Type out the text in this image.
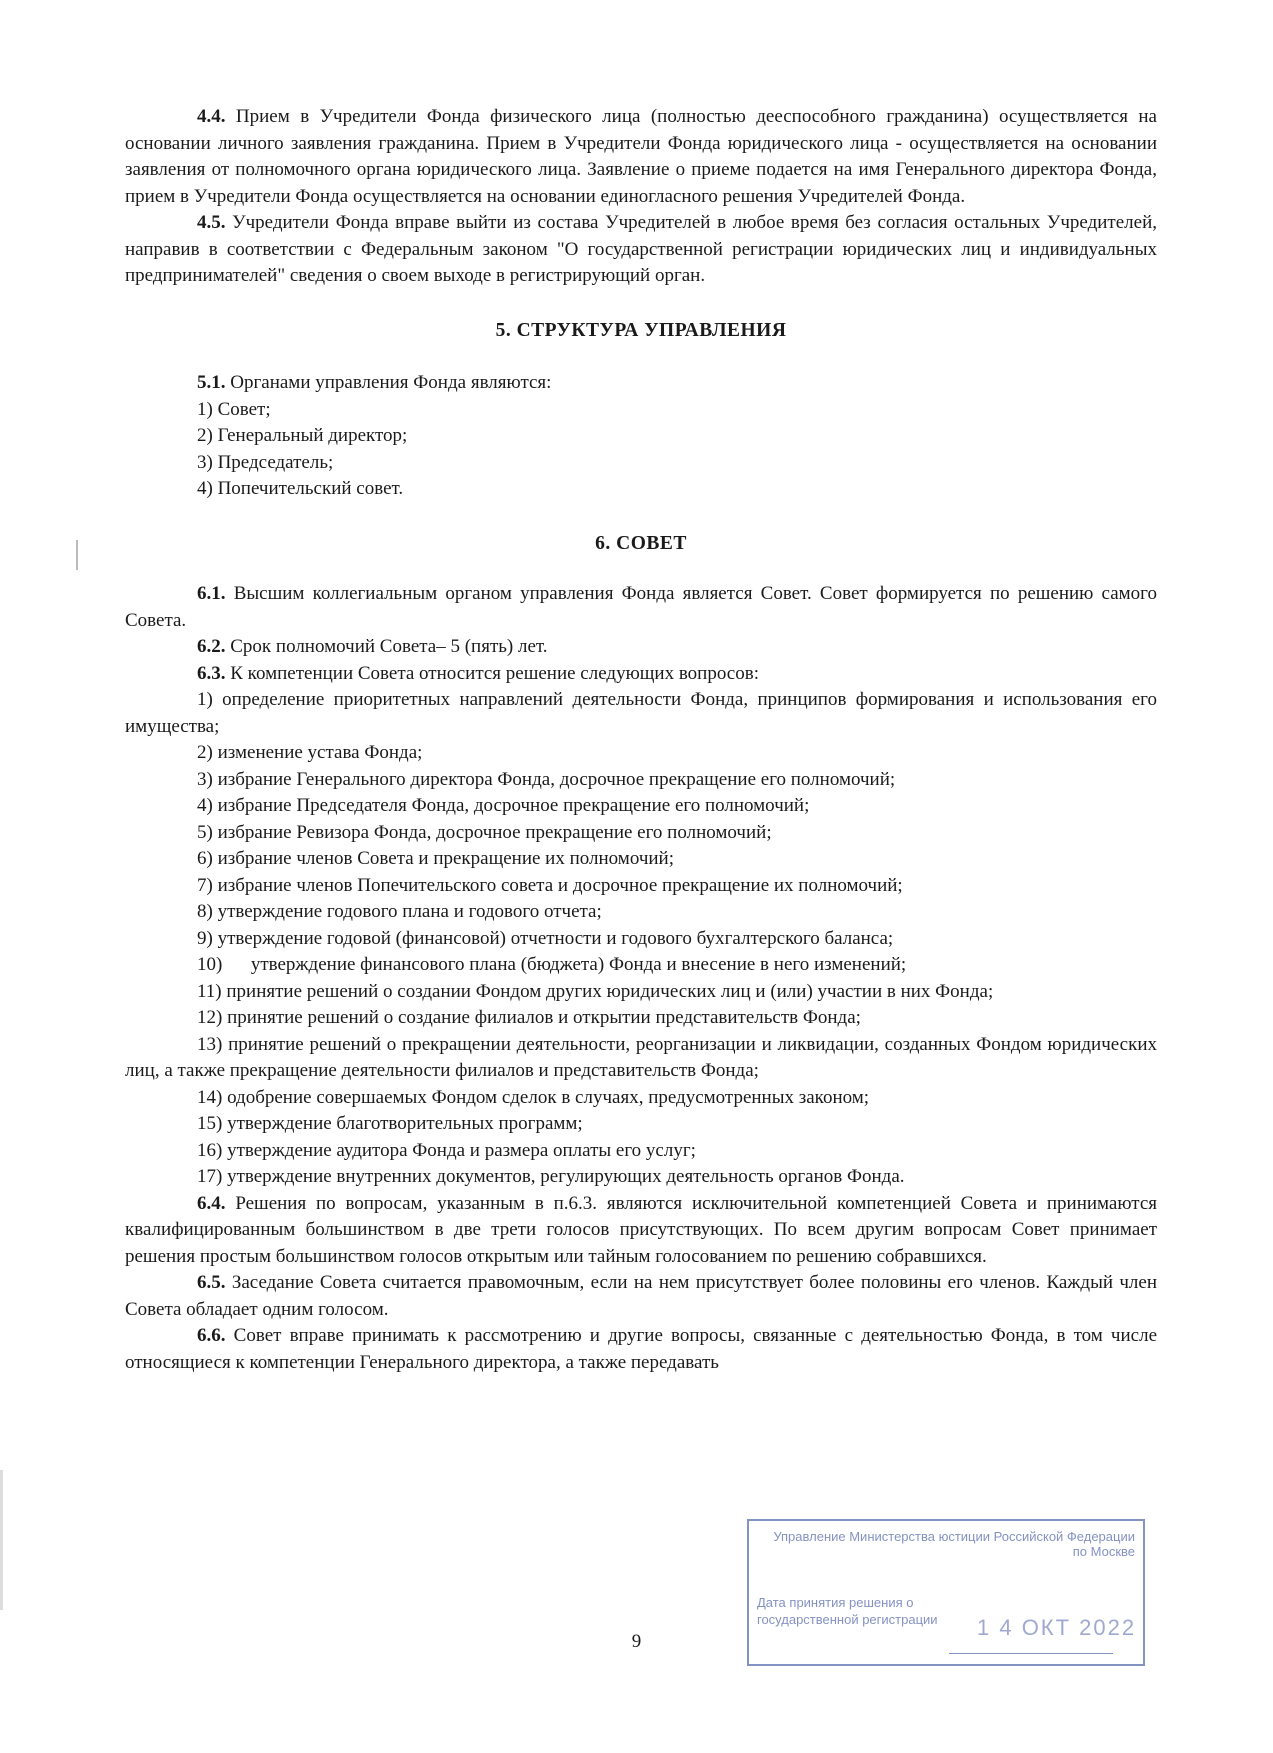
4.4. Прием в Учредители Фонда физического лица (полностью дееспособного гражданина) осуществляется на основании личного заявления гражданина. Прием в Учредители Фонда юридического лица - осуществляется на основании заявления от полномочного органа юридического лица. Заявление о приеме подается на имя Генерального директора Фонда, прием в Учредители Фонда осуществляется на основании единогласного решения Учредителей Фонда.

4.5. Учредители Фонда вправе выйти из состава Учредителей в любое время без согласия остальных Учредителей, направив в соответствии с Федеральным законом "О государственной регистрации юридических лиц и индивидуальных предпринимателей" сведения о своем выходе в регистрирующий орган.

5. СТРУКТУРА УПРАВЛЕНИЯ

5.1. Органами управления Фонда являются:

1) Совет;

2) Генеральный директор;

3) Председатель;

4) Попечительский совет.

6. СОВЕТ

6.1. Высшим коллегиальным органом управления Фонда является Совет. Совет формируется по решению самого Совета.

6.2. Срок полномочий Совета– 5 (пять) лет.

6.3. К компетенции Совета относится решение следующих вопросов:

1) определение приоритетных направлений деятельности Фонда, принципов формирования и использования его имущества;

2) изменение устава Фонда;

3) избрание Генерального директора Фонда, досрочное прекращение его полномочий;

4) избрание Председателя Фонда, досрочное прекращение его полномочий;

5) избрание Ревизора Фонда, досрочное прекращение его полномочий;

6) избрание членов Совета и прекращение их полномочий;

7) избрание членов Попечительского совета и досрочное прекращение их полномочий;

8) утверждение годового плана и годового отчета;

9) утверждение годовой (финансовой) отчетности и годового бухгалтерского баланса;

10)      утверждение финансового плана (бюджета) Фонда и внесение в него изменений;

11) принятие решений о создании Фондом других юридических лиц и (или) участии в них Фонда;

12) принятие решений о создание филиалов и открытии представительств Фонда;

13) принятие решений о прекращении деятельности, реорганизации и ликвидации, созданных Фондом юридических лиц, а также прекращение деятельности филиалов и представительств Фонда;

14) одобрение совершаемых Фондом сделок в случаях, предусмотренных законом;

15) утверждение благотворительных программ;

16) утверждение аудитора Фонда и размера оплаты его услуг;

17) утверждение внутренних документов, регулирующих деятельность органов Фонда.

6.4. Решения по вопросам, указанным в п.6.3. являются исключительной компетенцией Совета и принимаются квалифицированным большинством в две трети голосов присутствующих. По всем другим вопросам Совет принимает решения простым большинством голосов открытым или тайным голосованием по решению собравшихся.

6.5. Заседание Совета считается правомочным, если на нем присутствует более половины его членов. Каждый член Совета обладает одним голосом.

6.6. Совет вправе принимать к рассмотрению и другие вопросы, связанные с деятельностью Фонда, в том числе относящиеся к компетенции Генерального директора, а также передавать

Управление Министерства юстиции Российской Федерации по Москве
Дата принятия решения о государственной регистрации	1 4 ОКТ 2022
9
